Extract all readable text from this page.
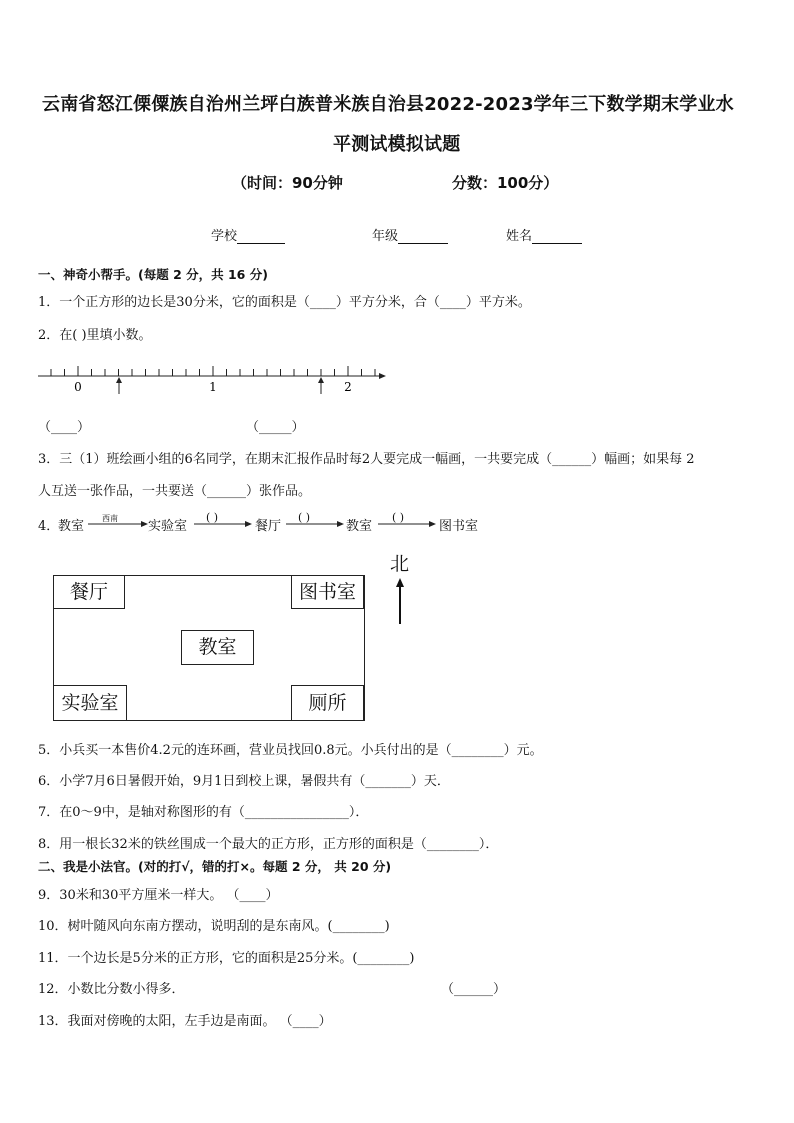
云南省怒江傈僳族自治州兰坪白族普米族自治县2022-2023学年三下数学期末学业水
平测试模拟试题
（时间：90分钟	分数：100分）
学校	年级	姓名
一、神奇小帮手。(每题 2 分，共 16 分)
1．一个正方形的边长是30分米，它的面积是（____）平方分米，合（____）平方米。
2．在( )里填小数。
0	1	2
（____）	（_____）
3．三（1）班绘画小组的6名同学，在期末汇报作品时每2人要完成一幅画，一共要完成（______）幅画；如果每 2
人互送一张作品，一共要送（______）张作品。
4．
教室	实验室	餐厅	教室	图书室
西南	( )	( )	( )
餐厅	图书室
教室
实验室	厕所
北
5．小兵买一本售价4.2元的连环画，营业员找回0.8元。小兵付出的是（________）元。
6．小学7月6日暑假开始，9月1日到校上课，暑假共有（_______）天．
7．在0～9中，是轴对称图形的有（________________）．
8．用一根长32米的铁丝围成一个最大的正方形，正方形的面积是（________）．
二、我是小法官。(对的打√，错的打×。每题 2 分， 共 20 分)
9．30米和30平方厘米一样大。 （____）
10．树叶随风向东南方摆动，说明刮的是东南风。(________)
11．一个边长是5分米的正方形，它的面积是25分米。(________)
12．小数比分数小得多．	（______）
13．我面对傍晚的太阳，左手边是南面。 （____）
